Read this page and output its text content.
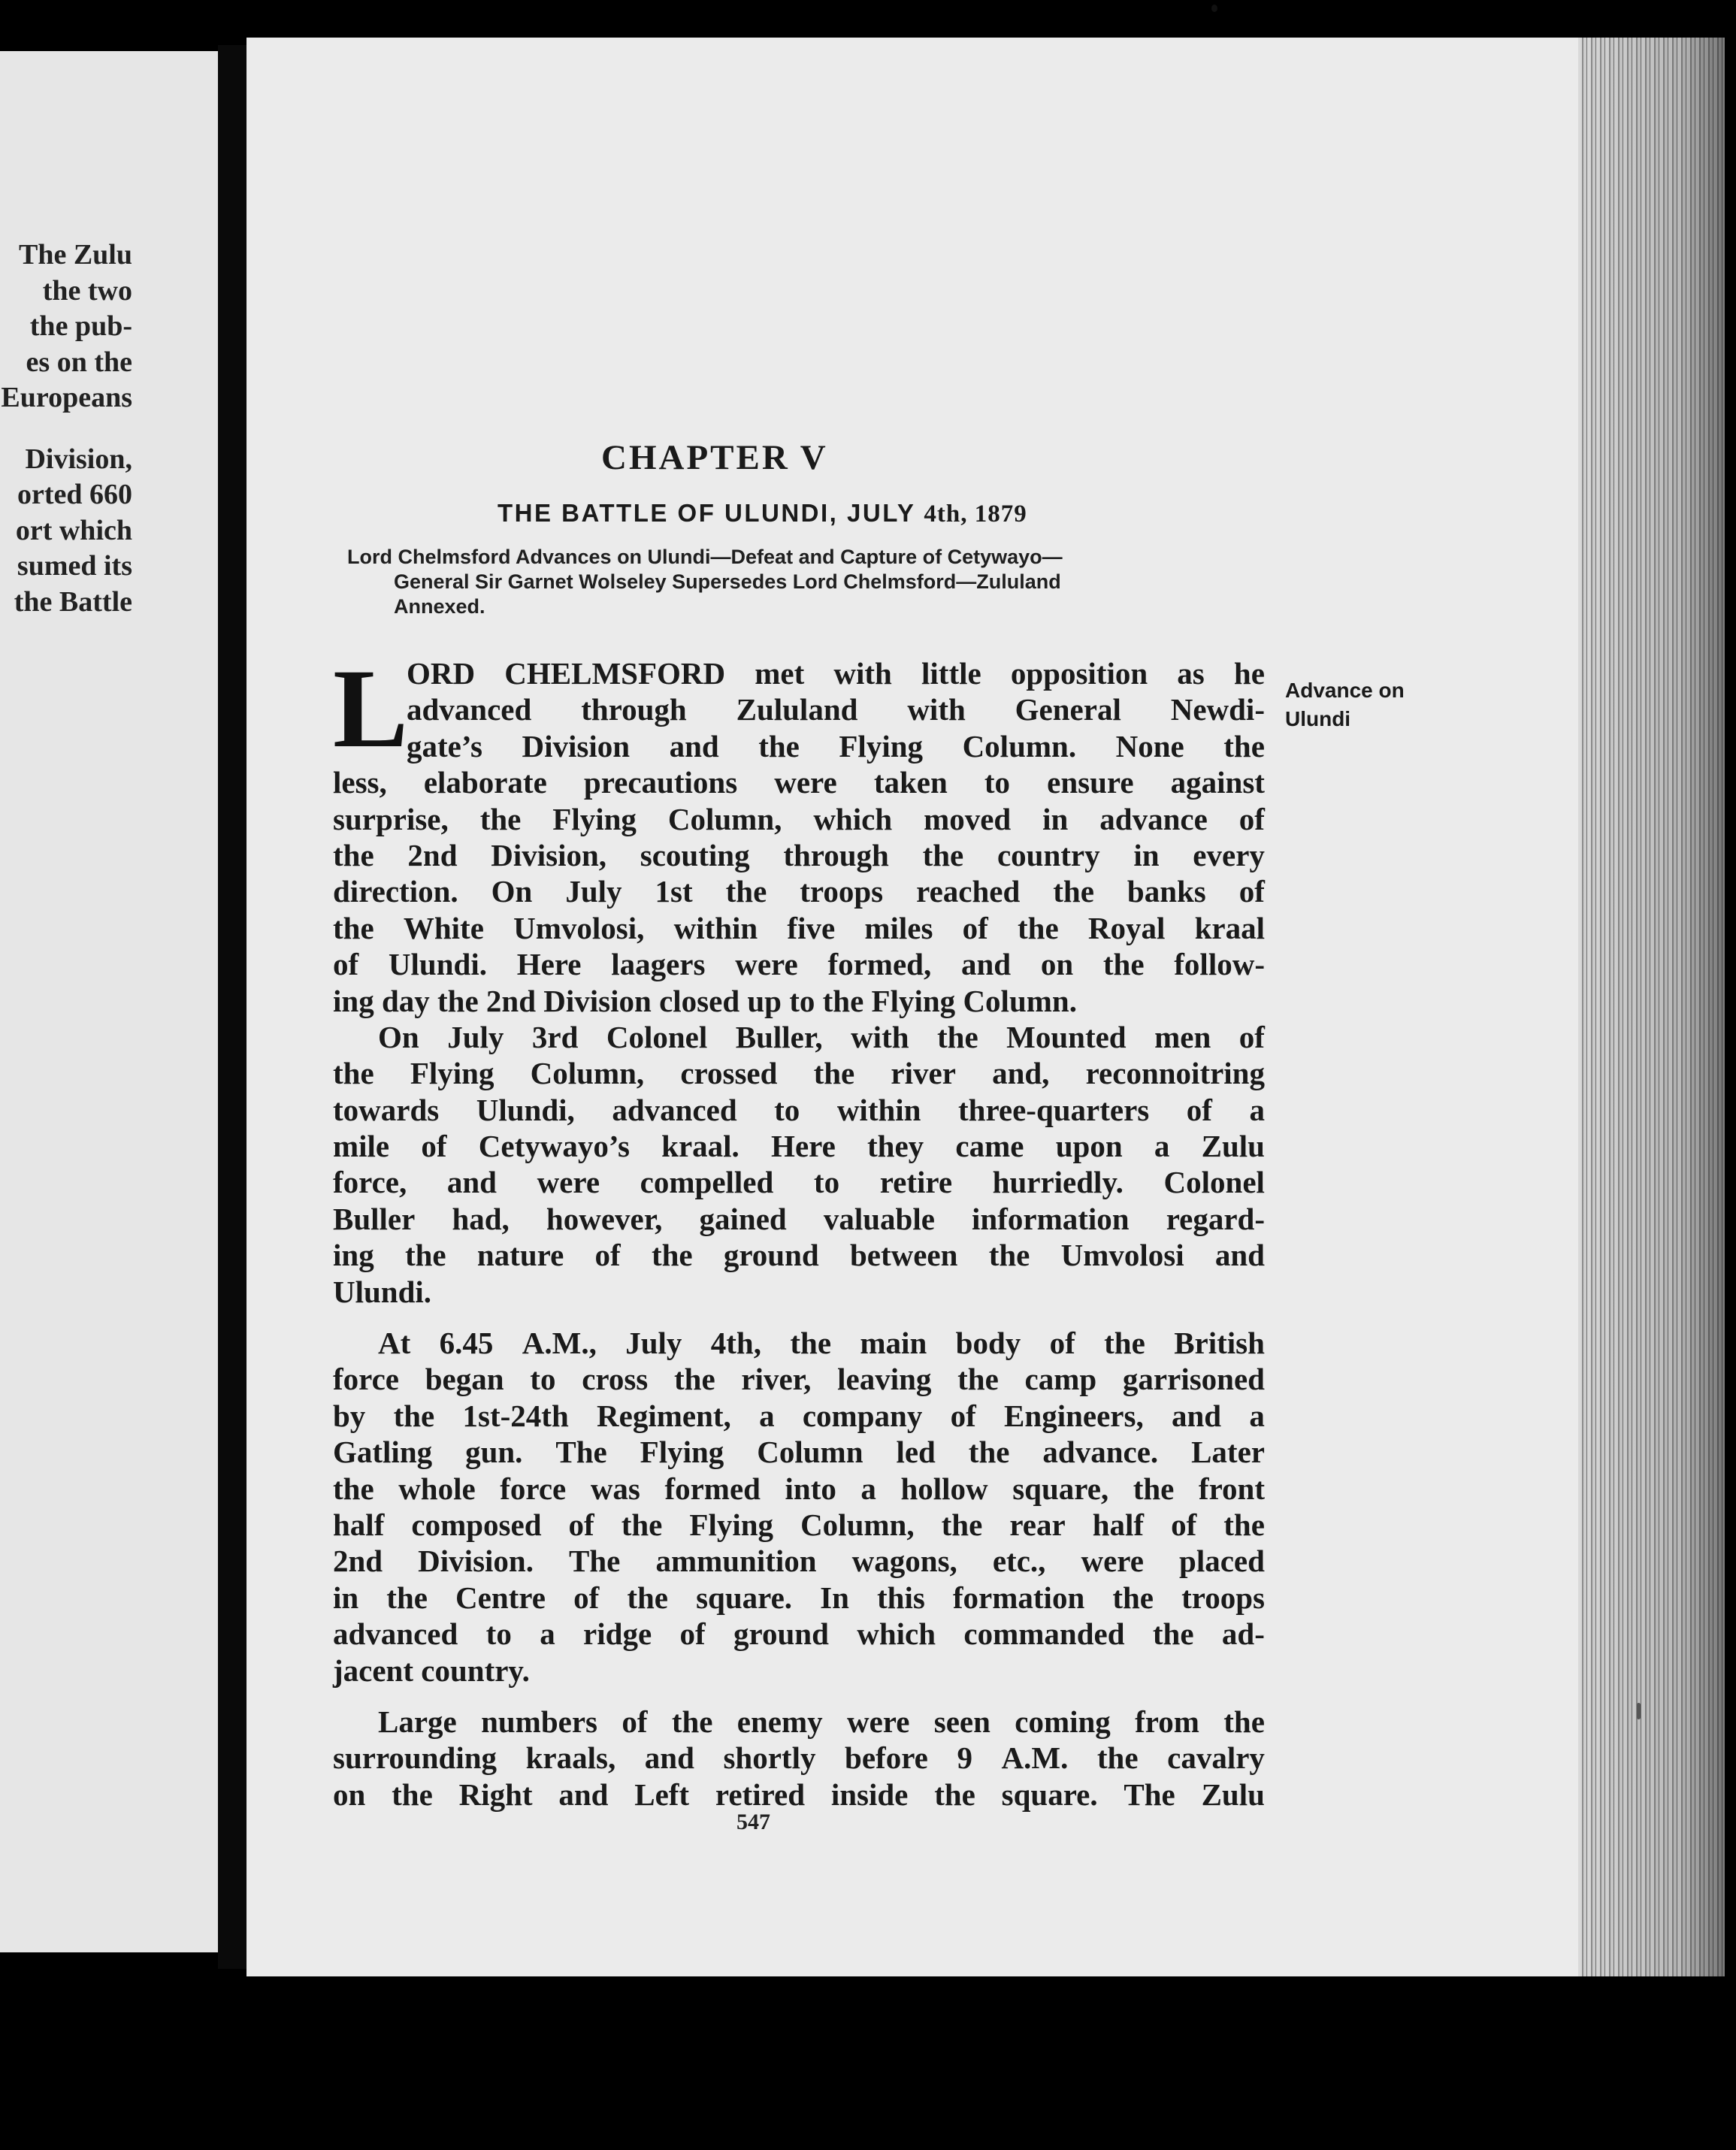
The Zulu
the two
the pub-
es on the
Europeans
Division,
orted 660
ort which
sumed its
the Battle
CHAPTER V
THE BATTLE OF ULUNDI, JULY 4th, 1879
Lord Chelmsford Advances on Ulundi—Defeat and Capture of Cetywayo—
General Sir Garnet Wolseley Supersedes Lord Chelmsford—Zululand
Annexed.
Advance on
Ulundi
L
ORD CHELMSFORD met with little opposition as he
advanced through Zululand with General Newdi-
gate’s Division and the Flying Column. None the
less, elaborate precautions were taken to ensure against
surprise, the Flying Column, which moved in advance of
the 2nd Division, scouting through the country in every
direction. On July 1st the troops reached the banks of
the White Umvolosi, within five miles of the Royal kraal
of Ulundi. Here laagers were formed, and on the follow-
ing day the 2nd Division closed up to the Flying Column.
On July 3rd Colonel Buller, with the Mounted men of
the Flying Column, crossed the river and, reconnoitring
towards Ulundi, advanced to within three-quarters of a
mile of Cetywayo’s kraal. Here they came upon a Zulu
force, and were compelled to retire hurriedly. Colonel
Buller had, however, gained valuable information regard-
ing the nature of the ground between the Umvolosi and
Ulundi.
At 6.45 A.M., July 4th, the main body of the British
force began to cross the river, leaving the camp garrisoned
by the 1st-24th Regiment, a company of Engineers, and a
Gatling gun. The Flying Column led the advance. Later
the whole force was formed into a hollow square, the front
half composed of the Flying Column, the rear half of the
2nd Division. The ammunition wagons, etc., were placed
in the Centre of the square. In this formation the troops
advanced to a ridge of ground which commanded the ad-
jacent country.
Large numbers of the enemy were seen coming from the
surrounding kraals, and shortly before 9 A.M. the cavalry
on the Right and Left retired inside the square. The Zulu
547
